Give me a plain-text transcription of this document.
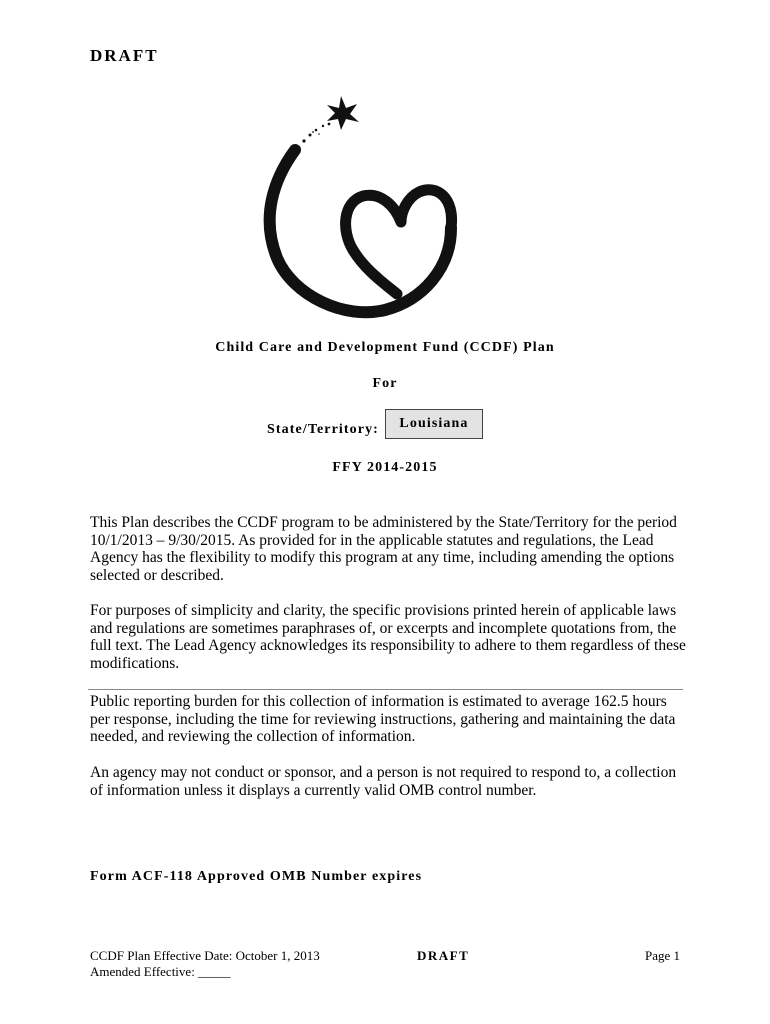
DRAFT
Child Care and Development Fund (CCDF) Plan
For
State/Territory:	Louisiana
FFY 2014-2015
This Plan describes the CCDF program to be administered by the State/Territory for the period 10/1/2013 – 9/30/2015. As provided for in the applicable statutes and regulations, the Lead Agency has the flexibility to modify this program at any time, including amending the options selected or described.
For purposes of simplicity and clarity, the specific provisions printed herein of applicable laws and regulations are sometimes paraphrases of, or excerpts and incomplete quotations from, the full text. The Lead Agency acknowledges its responsibility to adhere to them regardless of these modifications.
Public reporting burden for this collection of information is estimated to average 162.5 hours per response, including the time for reviewing instructions, gathering and maintaining the data needed, and reviewing the collection of information.
An agency may not conduct or sponsor, and a person is not required to respond to, a collection of information unless it displays a currently valid OMB control number.
Form ACF-118 Approved OMB Number expires
CCDF Plan Effective Date: October 1, 2013
Amended Effective: _____
DRAFT	Page 1
